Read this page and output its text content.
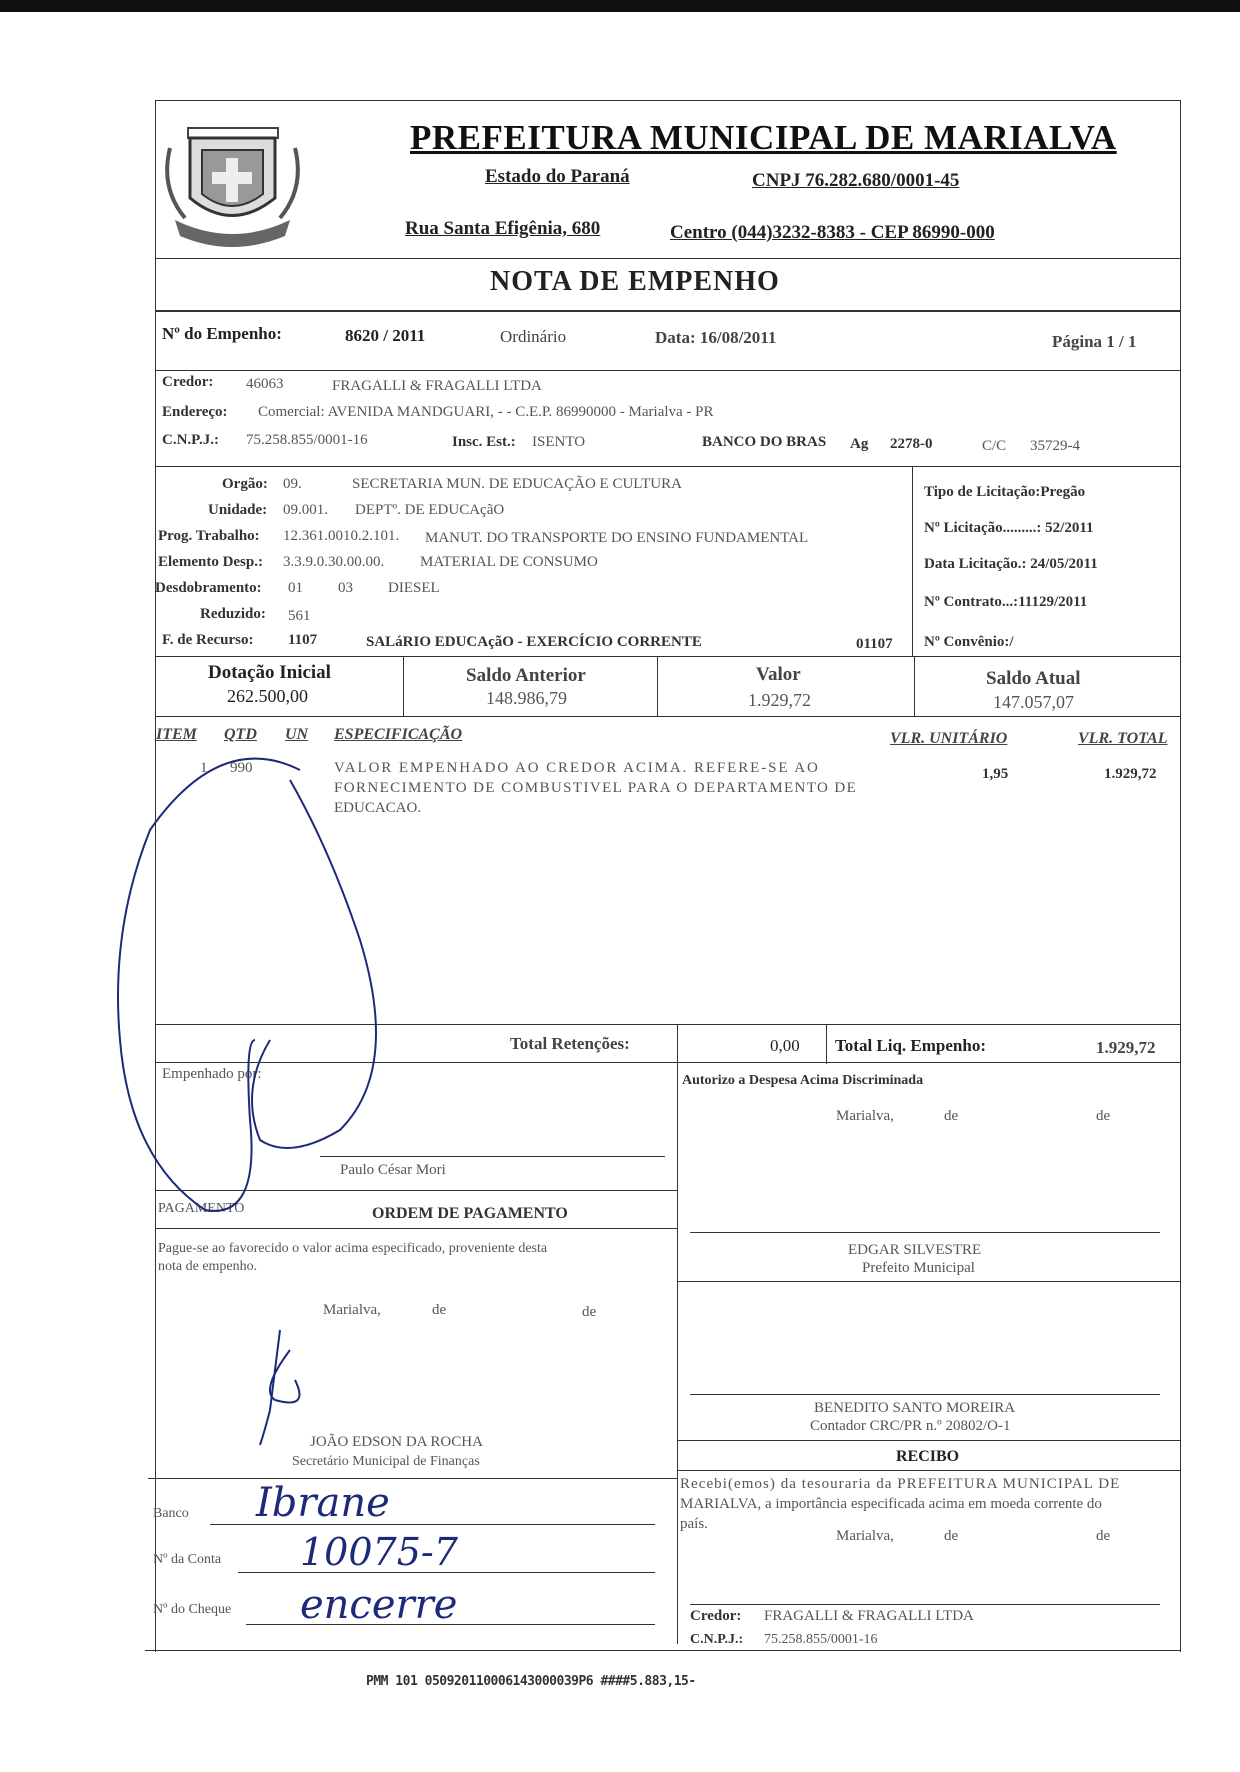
PREFEITURA MUNICIPAL DE MARIALVA
Estado do Paraná	CNPJ 76.282.680/0001-45
Rua Santa Efigênia, 680	Centro (044)3232-8383 - CEP 86990-000
NOTA DE EMPENHO
Nº do Empenho:	8620 / 2011	Ordinário	Data: 16/08/2011	Página 1 / 1
Credor: 46063	FRAGALLI & FRAGALLI LTDA
Endereço: Comercial: AVENIDA MANDGUARI, - - C.E.P. 86990000 - Marialva - PR
C.N.P.J.: 75.258.855/0001-16	Insc. Est.: ISENTO	BANCO DO BRAS Ag 2278-0	C/C 35729-4
Orgão: 09.	SECRETARIA MUN. DE EDUCAÇÃO E CULTURA
Unidade: 09.001. DEPTº. DE EDUCAçãO
Prog. Trabalho: 12.361.0010.2.101. MANUT. DO TRANSPORTE DO ENSINO FUNDAMENTAL
Elemento Desp.: 3.3.9.0.30.00.00. MATERIAL DE CONSUMO
Desdobramento: 01 03 DIESEL
Reduzido: 561
F. de Recurso: 1107	SALáRIO EDUCAçãO - EXERCÍCIO CORRENTE	01107
Tipo de Licitação:Pregão
Nº Licitação.........: 52/2011
Data Licitação.: 24/05/2011
Nº Contrato...:11129/2011
Nº Convênio:/
Dotação Inicial
262.500,00
Saldo Anterior
148.986,79
Valor
1.929,72
Saldo Atual
147.057,07
ITEM QTD UN ESPECIFICAÇÃO	VLR. UNITÁRIO	VLR. TOTAL
1 990	VALOR EMPENHADO AO CREDOR ACIMA. REFERE-SE AO
FORNECIMENTO DE COMBUSTIVEL PARA O DEPARTAMENTO DE
EDUCACAO.
1,95	1.929,72
Total Retenções:	0,00 Total Liq. Empenho:	1.929,72
Empenhado por:
Paulo César Mori
Autorizo a Despesa Acima Discriminada
Marialva,	de	de
PAGAMENTO	ORDEM DE PAGAMENTO
Pague-se ao favorecido o valor acima especificado, proveniente desta
nota de empenho.
Marialva,	de	de
JOÃO EDSON DA ROCHA
Secretário Municipal de Finanças
EDGAR SILVESTRE
Prefeito Municipal
BENEDITO SANTO MOREIRA
Contador CRC/PR n.º 20802/O-1
RECIBO
Recebi(emos) da tesouraria da PREFEITURA MUNICIPAL DE
MARIALVA, a importância especificada acima em moeda corrente do
país.
Marialva,	de	de
Credor: FRAGALLI & FRAGALLI LTDA
C.N.P.J.: 75.258.855/0001-16
Banco Ibrane
Nº da Conta 10075-7
Nº do Cheque encerre
PMM 101 050920110006143000039P6 ####5.883,15-
